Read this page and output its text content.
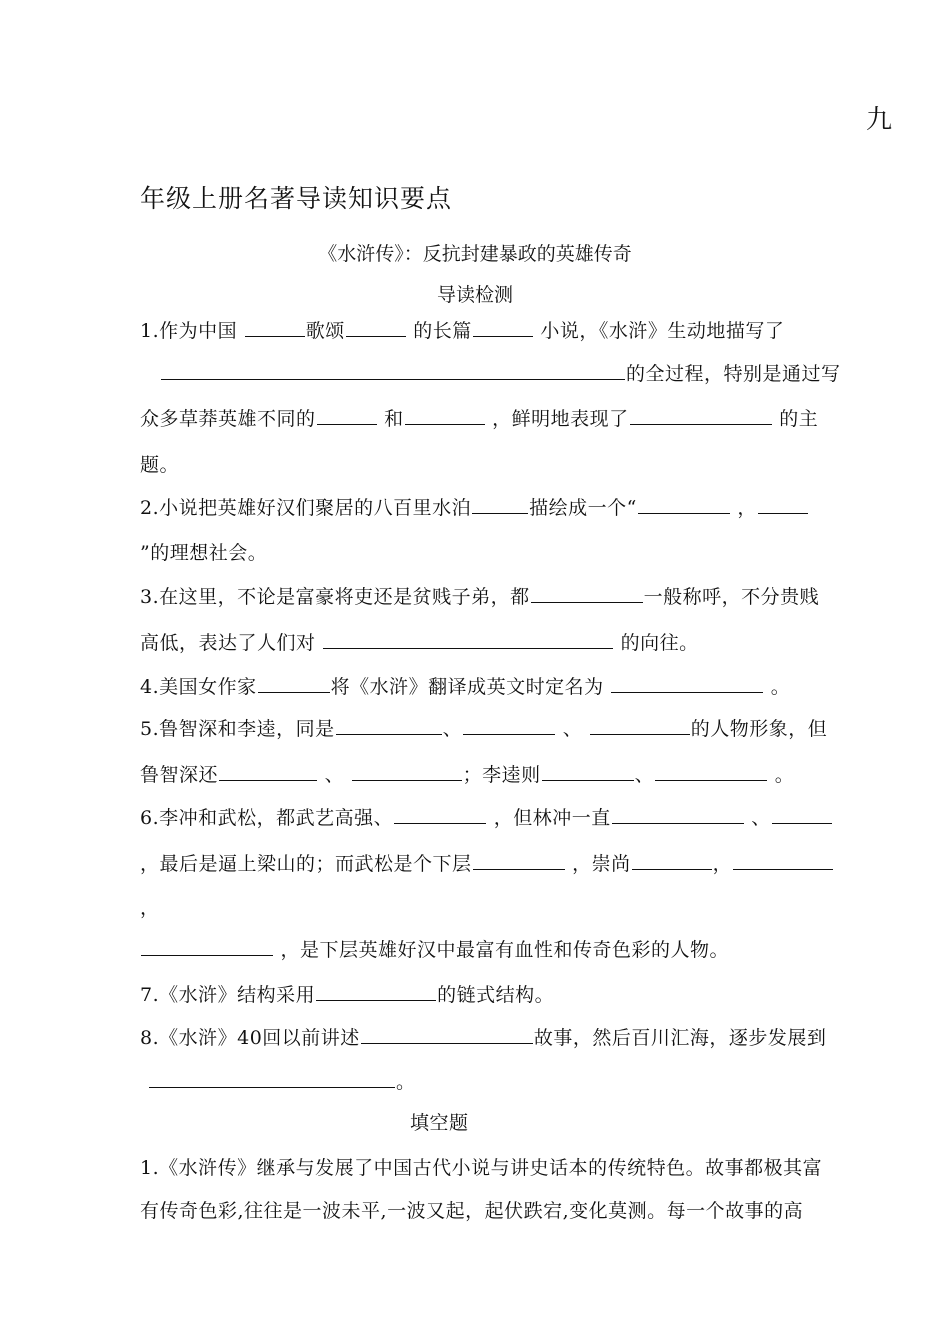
九
年级上册名著导读知识要点
《水浒传》：反抗封建暴政的英雄传奇
导读检测
1.作为中国	歌颂	的长篇	小说，《水浒》生动地描写了
的全过程，特别是通过写
众多草莽英雄不同的	和	，鲜明地表现了	的主
题。
2.小说把英雄好汉们聚居的八百里水泊	描绘成一个“	，
”的理想社会。
3.在这里，不论是富豪将吏还是贫贱子弟，都	一般称呼，不分贵贱
高低，表达了人们对	的向往。
4.美国女作家	将《水浒》翻译成英文时定名为	。
5.鲁智深和李逵，同是	、	、	的人物形象，但
鲁智深还	、	；李逵则	、	。
6.李冲和武松，都武艺高强、	，但林冲一直	、
，最后是逼上梁山的；而武松是个下层	，崇尚	，
，
，是下层英雄好汉中最富有血性和传奇色彩的人物。
7.《水浒》结构采用	的链式结构。
8.《水浒》40回以前讲述	故事，然后百川汇海，逐步发展到
。
填空题
1.《水浒传》继承与发展了中国古代小说与讲史话本的传统特色。故事都极其富
有传奇色彩,往往是一波未平,一波又起，起伏跌宕,变化莫测。每一个故事的高
